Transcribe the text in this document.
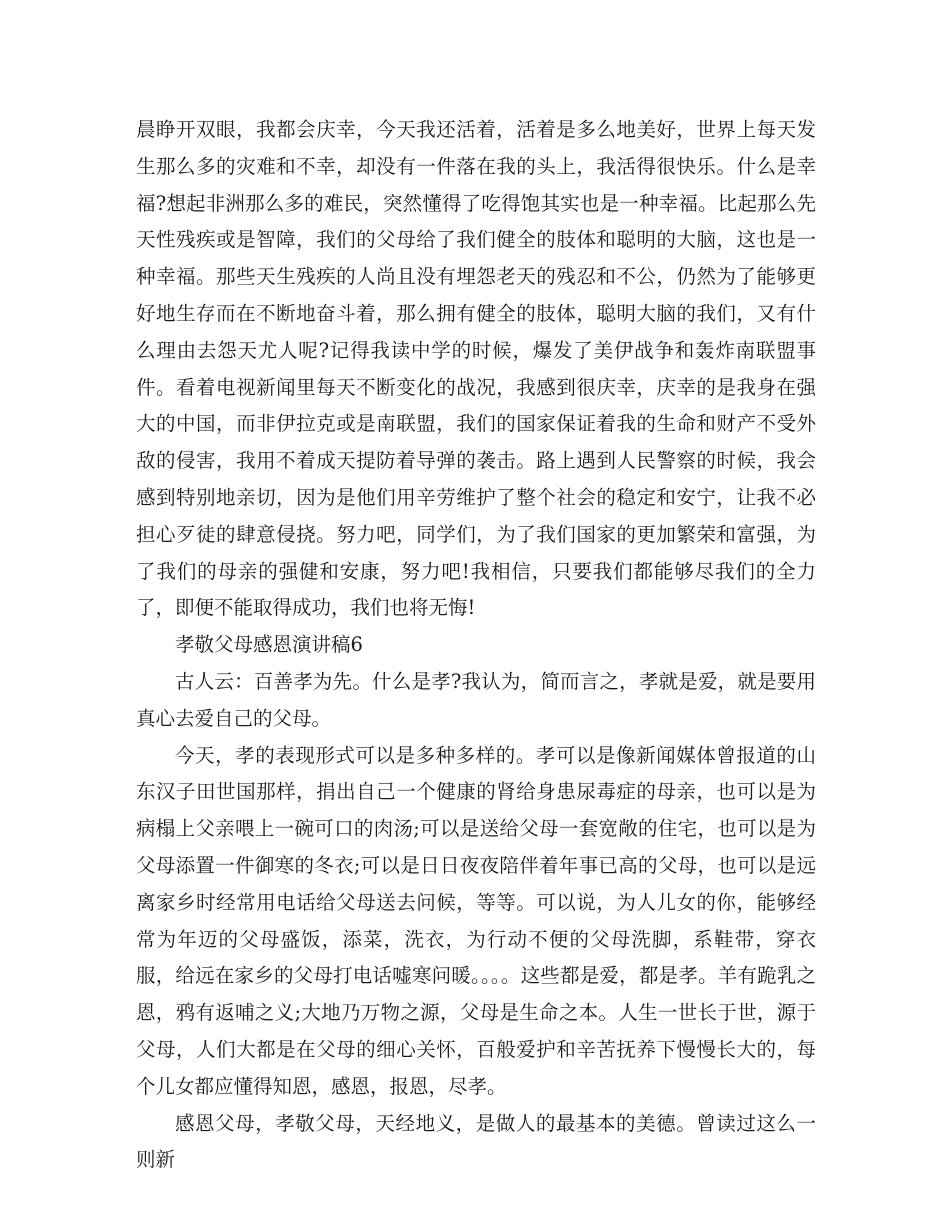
晨睁开双眼，我都会庆幸，今天我还活着，活着是多么地美好，世界上每天发生那么多的灾难和不幸，却没有一件落在我的头上，我活得很快乐。什么是幸福?想起非洲那么多的难民，突然懂得了吃得饱其实也是一种幸福。比起那么先天性残疾或是智障，我们的父母给了我们健全的肢体和聪明的大脑，这也是一种幸福。那些天生残疾的人尚且没有埋怨老天的残忍和不公，仍然为了能够更好地生存而在不断地奋斗着，那么拥有健全的肢体，聪明大脑的我们，又有什么理由去怨天尤人呢?记得我读中学的时候，爆发了美伊战争和轰炸南联盟事件。看着电视新闻里每天不断变化的战况，我感到很庆幸，庆幸的是我身在强大的中国，而非伊拉克或是南联盟，我们的国家保证着我的生命和财产不受外敌的侵害，我用不着成天提防着导弹的袭击。路上遇到人民警察的时候，我会感到特别地亲切，因为是他们用辛劳维护了整个社会的稳定和安宁，让我不必担心歹徒的肆意侵挠。努力吧，同学们，为了我们国家的更加繁荣和富强，为了我们的母亲的强健和安康，努力吧!我相信，只要我们都能够尽我们的全力了，即便不能取得成功，我们也将无悔!

孝敬父母感恩演讲稿6

古人云：百善孝为先。什么是孝?我认为，简而言之，孝就是爱，就是要用真心去爱自己的父母。

今天，孝的表现形式可以是多种多样的。孝可以是像新闻媒体曾报道的山东汉子田世国那样，捐出自己一个健康的肾给身患尿毒症的母亲，也可以是为病榻上父亲喂上一碗可口的肉汤;可以是送给父母一套宽敞的住宅，也可以是为父母添置一件御寒的冬衣;可以是日日夜夜陪伴着年事已高的父母，也可以是远离家乡时经常用电话给父母送去问候，等等。可以说，为人儿女的你，能够经常为年迈的父母盛饭，添菜，洗衣，为行动不便的父母洗脚，系鞋带，穿衣服，给远在家乡的父母打电话嘘寒问暖。。。。这些都是爱，都是孝。羊有跪乳之恩，鸦有返哺之义;大地乃万物之源，父母是生命之本。人生一世长于世，源于父母，人们大都是在父母的细心关怀，百般爱护和辛苦抚养下慢慢长大的，每个儿女都应懂得知恩，感恩，报恩，尽孝。

感恩父母，孝敬父母，天经地义，是做人的最基本的美德。曾读过这么一则新
